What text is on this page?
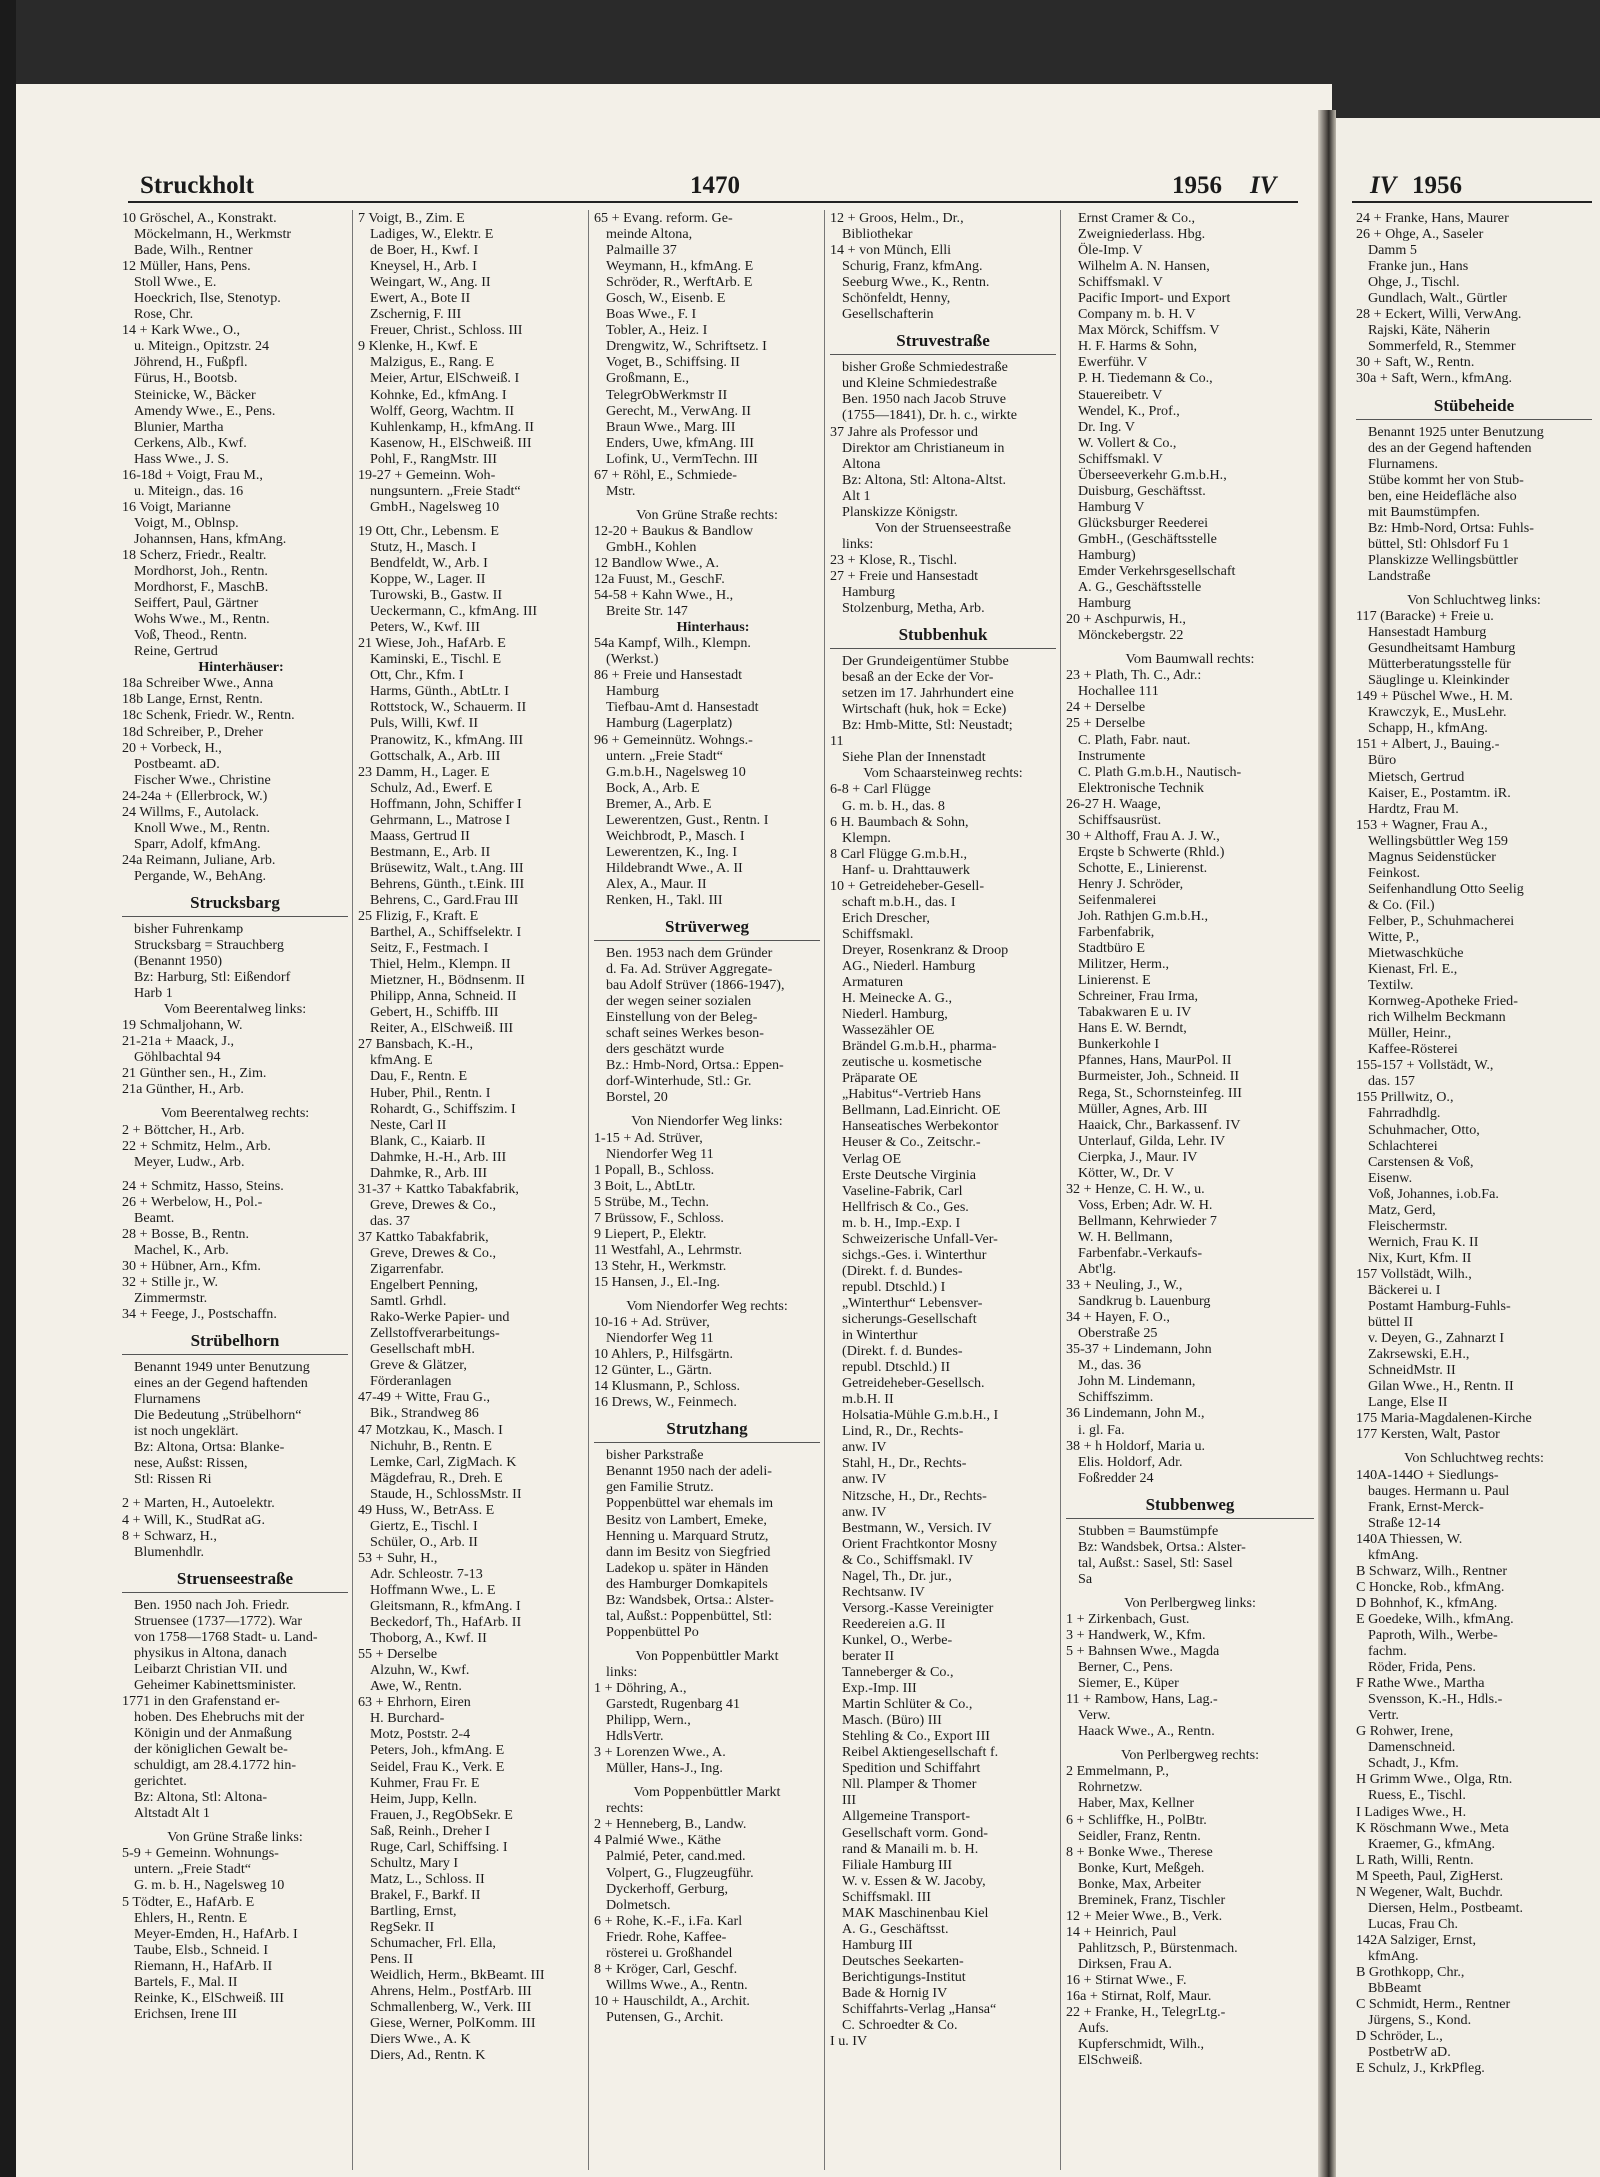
Struckholt	1470	1956 IV	IV 1956
10 Gröschel, A., Konstrakt.
Möckelmann, H., Werkmstr
Bade, Wilh., Rentner
12 Müller, Hans, Pens.
Stoll Wwe., E.
Hoeckrich, Ilse, Stenotyp.
Rose, Chr.
14 + Kark Wwe., O.,
u. Miteign., Opitzstr. 24
Jöhrend, H., Fußpfl.
Fürus, H., Bootsb.
Steinicke, W., Bäcker
Amendy Wwe., E., Pens.
Blunier, Martha
Cerkens, Alb., Kwf.
Hass Wwe., J. S.
16-18d + Voigt, Frau M.,
u. Miteign., das. 16
16 Voigt, Marianne
Voigt, M., Oblnsp.
Johannsen, Hans, kfmAng.
18 Scherz, Friedr., Realtr.
Mordhorst, Joh., Rentn.
Mordhorst, F., MaschB.
Seiffert, Paul, Gärtner
Wohs Wwe., M., Rentn.
Voß, Theod., Rentn.
Reine, Gertrud
Hinterhäuser:
18a Schreiber Wwe., Anna
18b Lange, Ernst, Rentn.
18c Schenk, Friedr. W., Rentn.
18d Schreiber, P., Dreher
20 + Vorbeck, H.,
Postbeamt. aD.
Fischer Wwe., Christine
24-24a + (Ellerbrock, W.)
24 Willms, F., Autolack.
Knoll Wwe., M., Rentn.
Sparr, Adolf, kfmAng.
24a Reimann, Juliane, Arb.
Pergande, W., BehAng.
Strucksbarg
bisher Fuhrenkamp
Strucksbarg = Strauchberg
(Benannt 1950)
Bz: Harburg, Stl: Eißendorf
Harb 1
Vom Beerentalweg links:
19 Schmaljohann, W.
21-21a + Maack, J.,
Göhlbachtal 94
21 Günther sen., H., Zim.
21a Günther, H., Arb.
Vom Beerentalweg rechts:
2 + Böttcher, H., Arb.
22 + Schmitz, Helm., Arb.
Meyer, Ludw., Arb.
24 + Schmitz, Hasso, Steins.
26 + Werbelow, H., Pol.-
Beamt.
28 + Bosse, B., Rentn.
Machel, K., Arb.
30 + Hübner, Arn., Kfm.
32 + Stille jr., W.
Zimmermstr.
34 + Feege, J., Postschaffn.
Strübelhorn
Benannt 1949 unter Benutzung
eines an der Gegend haftenden
Flurnamens
Die Bedeutung „Strübelhorn“
ist noch ungeklärt.
Bz: Altona, Ortsa: Blanke-
nese, Außst: Rissen,
Stl: Rissen Ri
2 + Marten, H., Autoelektr.
4 + Will, K., StudRat aG.
8 + Schwarz, H.,
Blumenhdlr.
Struenseestraße
Ben. 1950 nach Joh. Friedr.
Struensee (1737—1772). War
von 1758—1768 Stadt- u. Land-
physikus in Altona, danach
Leibarzt Christian VII. und
Geheimer Kabinettsminister.
1771 in den Grafenstand er-
hoben. Des Ehebruchs mit der
Königin und der Anmaßung
der königlichen Gewalt be-
schuldigt, am 28.4.1772 hin-
gerichtet.
Bz: Altona, Stl: Altona-
Altstadt Alt 1
Von Grüne Straße links:
5-9 + Gemeinn. Wohnungs-
untern. „Freie Stadt“
G. m. b. H., Nagelsweg 10
5 Tödter, E., HafArb. E
Ehlers, H., Rentn. E
Meyer-Emden, H., HafArb. I
Taube, Elsb., Schneid. I
Riemann, H., HafArb. II
Bartels, F., Mal. II
Reinke, K., ElSchweiß. III
Erichsen, Irene III
7 Voigt, B., Zim. E
Ladiges, W., Elektr. E
de Boer, H., Kwf. I
Kneysel, H., Arb. I
Weingart, W., Ang. II
Ewert, A., Bote II
Zschernig, F. III
Freuer, Christ., Schloss. III
9 Klenke, H., Kwf. E
Malzigus, E., Rang. E
Meier, Artur, ElSchweiß. I
Kohnke, Ed., kfmAng. I
Wolff, Georg, Wachtm. II
Kuhlenkamp, H., kfmAng. II
Kasenow, H., ElSchweiß. III
Pohl, F., RangMstr. III
19-27 + Gemeinn. Woh-
nungsuntern. „Freie Stadt“
GmbH., Nagelsweg 10
19 Ott, Chr., Lebensm. E
Stutz, H., Masch. I
Bendfeldt, W., Arb. I
Koppe, W., Lager. II
Turowski, B., Gastw. II
Ueckermann, C., kfmAng. III
Peters, W., Kwf. III
21 Wiese, Joh., HafArb. E
Kaminski, E., Tischl. E
Ott, Chr., Kfm. I
Harms, Günth., AbtLtr. I
Rottstock, W., Schauerm. II
Puls, Willi, Kwf. II
Pranowitz, K., kfmAng. III
Gottschalk, A., Arb. III
23 Damm, H., Lager. E
Schulz, Ad., Ewerf. E
Hoffmann, John, Schiffer I
Gehrmann, L., Matrose I
Maass, Gertrud II
Bestmann, E., Arb. II
Brüsewitz, Walt., t.Ang. III
Behrens, Günth., t.Eink. III
Behrens, C., Gard.Frau III
25 Flizig, F., Kraft. E
Barthel, A., Schiffselektr. I
Seitz, F., Festmach. I
Thiel, Helm., Klempn. II
Mietzner, H., Bödnsenm. II
Philipp, Anna, Schneid. II
Gebert, H., Schiffb. III
Reiter, A., ElSchweiß. III
27 Bansbach, K.-H.,
kfmAng. E
Dau, F., Rentn. E
Huber, Phil., Rentn. I
Rohardt, G., Schiffszim. I
Neste, Carl II
Blank, C., Kaiarb. II
Dahmke, H.-H., Arb. III
Dahmke, R., Arb. III
31-37 + Kattko Tabakfabrik,
Greve, Drewes & Co.,
das. 37
37 Kattko Tabakfabrik,
Greve, Drewes & Co.,
Zigarrenfabr.
Engelbert Penning,
Samtl. Grhdl.
Rako-Werke Papier- und
Zellstoffverarbeitungs-
Gesellschaft mbH.
Greve & Glätzer,
Förderanlagen
47-49 + Witte, Frau G.,
Bik., Strandweg 86
47 Motzkau, K., Masch. I
Nichuhr, B., Rentn. E
Lemke, Carl, ZigMach. K
Mägdefrau, R., Dreh. E
Staude, H., SchlossMstr. II
49 Huss, W., BetrAss. E
Giertz, E., Tischl. I
Schüler, O., Arb. II
53 + Suhr, H.,
Adr. Schleostr. 7-13
Hoffmann Wwe., L. E
Gleitsmann, R., kfmAng. I
Beckedorf, Th., HafArb. II
Thoborg, A., Kwf. II
55 + Derselbe
Alzuhn, W., Kwf.
Awe, W., Rentn.
63 + Ehrhorn, Eiren
H. Burchard-
Motz, Poststr. 2-4
Peters, Joh., kfmAng. E
Seidel, Frau K., Verk. E
Kuhmer, Frau Fr. E
Heim, Jupp, Kelln.
Frauen, J., RegObSekr. E
Saß, Reinh., Dreher I
Ruge, Carl, Schiffsing. I
Schultz, Mary I
Matz, L., Schloss. II
Brakel, F., Barkf. II
Bartling, Ernst,
RegSekr. II
Schumacher, Frl. Ella,
Pens. II
Weidlich, Herm., BkBeamt. III
Ahrens, Helm., PostfArb. III
Schmallenberg, W., Verk. III
Giese, Werner, PolKomm. III
Diers Wwe., A. K
Diers, Ad., Rentn. K
65 + Evang. reform. Ge-
meinde Altona,
Palmaille 37
Weymann, H., kfmAng. E
Schröder, R., WerftArb. E
Gosch, W., Eisenb. E
Boas Wwe., F. I
Tobler, A., Heiz. I
Drengwitz, W., Schriftsetz. I
Voget, B., Schiffsing. II
Großmann, E.,
TelegrObWerkmstr II
Gerecht, M., VerwAng. II
Braun Wwe., Marg. III
Enders, Uwe, kfmAng. III
Lofink, U., VermTechn. III
67 + Röhl, E., Schmiede-
Mstr.
Von Grüne Straße rechts:
12-20 + Baukus & Bandlow
GmbH., Kohlen
12 Bandlow Wwe., A.
12a Fuust, M., GeschF.
54-58 + Kahn Wwe., H.,
Breite Str. 147
Hinterhaus:
54a Kampf, Wilh., Klempn.
(Werkst.)
86 + Freie und Hansestadt
Hamburg
Tiefbau-Amt d. Hansestadt
Hamburg (Lagerplatz)
96 + Gemeinnütz. Wohngs.-
untern. „Freie Stadt“
G.m.b.H., Nagelsweg 10
Bock, A., Arb. E
Bremer, A., Arb. E
Lewerentzen, Gust., Rentn. I
Weichbrodt, P., Masch. I
Lewerentzen, K., Ing. I
Hildebrandt Wwe., A. II
Alex, A., Maur. II
Renken, H., Takl. III
Strüverweg
Ben. 1953 nach dem Gründer
d. Fa. Ad. Strüver Aggregate-
bau Adolf Strüver (1866-1947),
der wegen seiner sozialen
Einstellung von der Beleg-
schaft seines Werkes beson-
ders geschätzt wurde
Bz.: Hmb-Nord, Ortsa.: Eppen-
dorf-Winterhude, Stl.: Gr.
Borstel, 20
Von Niendorfer Weg links:
1-15 + Ad. Strüver,
Niendorfer Weg 11
1 Popall, B., Schloss.
3 Boit, L., AbtLtr.
5 Strübe, M., Techn.
7 Brüssow, F., Schloss.
9 Liepert, P., Elektr.
11 Westfahl, A., Lehrmstr.
13 Stehr, H., Werkmstr.
15 Hansen, J., El.-Ing.
Vom Niendorfer Weg rechts:
10-16 + Ad. Strüver,
Niendorfer Weg 11
10 Ahlers, P., Hilfsgärtn.
12 Günter, L., Gärtn.
14 Klusmann, P., Schloss.
16 Drews, W., Feinmech.
Strutzhang
bisher Parkstraße
Benannt 1950 nach der adeli-
gen Familie Strutz.
Poppenbüttel war ehemals im
Besitz von Lambert, Emeke,
Henning u. Marquard Strutz,
dann im Besitz von Siegfried
Ladekop u. später in Händen
des Hamburger Domkapitels
Bz: Wandsbek, Ortsa.: Alster-
tal, Außst.: Poppenbüttel, Stl:
Poppenbüttel Po
Von Poppenbüttler Markt
links:
1 + Döhring, A.,
Garstedt, Rugenbarg 41
Philipp, Wern.,
HdlsVertr.
3 + Lorenzen Wwe., A.
Müller, Hans-J., Ing.
Vom Poppenbüttler Markt
rechts:
2 + Henneberg, B., Landw.
4 Palmié Wwe., Käthe
Palmié, Peter, cand.med.
Volpert, G., Flugzeugführ.
Dyckerhoff, Gerburg,
Dolmetsch.
6 + Rohe, K.-F., i.Fa. Karl
Friedr. Rohe, Kaffee-
rösterei u. Großhandel
8 + Kröger, Carl, Geschf.
Willms Wwe., A., Rentn.
10 + Hauschildt, A., Archit.
Putensen, G., Archit.
12 + Groos, Helm., Dr.,
Bibliothekar
14 + von Münch, Elli
Schurig, Franz, kfmAng.
Seeburg Wwe., K., Rentn.
Schönfeldt, Henny,
Gesellschafterin
Struvestraße
bisher Große Schmiedestraße
und Kleine Schmiedestraße
Ben. 1950 nach Jacob Struve
(1755—1841), Dr. h. c., wirkte
37 Jahre als Professor und
Direktor am Christianeum in
Altona
Bz: Altona, Stl: Altona-Altst.
Alt 1
Planskizze Königstr.
Von der Struenseestraße
links:
23 + Klose, R., Tischl.
27 + Freie und Hansestadt
Hamburg
Stolzenburg, Metha, Arb.
Stubbenhuk
Der Grundeigentümer Stubbe
besaß an der Ecke der Vor-
setzen im 17. Jahrhundert eine
Wirtschaft (huk, hok = Ecke)
Bz: Hmb-Mitte, Stl: Neustadt;
11
Siehe Plan der Innenstadt
Vom Schaarsteinweg rechts:
6-8 + Carl Flügge
G. m. b. H., das. 8
6 H. Baumbach & Sohn,
Klempn.
8 Carl Flügge G.m.b.H.,
Hanf- u. Drahttauwerk
10 + Getreideheber-Gesell-
schaft m.b.H., das. I
Erich Drescher,
Schiffsmakl.
Dreyer, Rosenkranz & Droop
AG., Niederl. Hamburg
Armaturen
H. Meinecke A. G.,
Niederl. Hamburg,
Wassezähler OE
Brändel G.m.b.H., pharma-
zeutische u. kosmetische
Präparate OE
„Habitus“-Vertrieb Hans
Bellmann, Lad.Einricht. OE
Hanseatisches Werbekontor
Heuser & Co., Zeitschr.-
Verlag OE
Erste Deutsche Virginia
Vaseline-Fabrik, Carl
Hellfrisch & Co., Ges.
m. b. H., Imp.-Exp. I
Schweizerische Unfall-Ver-
sichgs.-Ges. i. Winterthur
(Direkt. f. d. Bundes-
republ. Dtschld.) I
„Winterthur“ Lebensver-
sicherungs-Gesellschaft
in Winterthur
(Direkt. f. d. Bundes-
republ. Dtschld.) II
Getreideheber-Gesellsch.
m.b.H. II
Holsatia-Mühle G.m.b.H., I
Lind, R., Dr., Rechts-
anw. IV
Stahl, H., Dr., Rechts-
anw. IV
Nitzsche, H., Dr., Rechts-
anw. IV
Bestmann, W., Versich. IV
Orient Frachtkontor Mosny
& Co., Schiffsmakl. IV
Nagel, Th., Dr. jur.,
Rechtsanw. IV
Versorg.-Kasse Vereinigter
Reedereien a.G. II
Kunkel, O., Werbe-
berater II
Tanneberger & Co.,
Exp.-Imp. III
Martin Schlüter & Co.,
Masch. (Büro) III
Stehling & Co., Export III
Reibel Aktiengesellschaft f.
Spedition und Schiffahrt
Nll. Plamper & Thomer
III
Allgemeine Transport-
Gesellschaft vorm. Gond-
rand & Manaili m. b. H.
Filiale Hamburg III
W. v. Essen & W. Jacoby,
Schiffsmakl. III
MAK Maschinenbau Kiel
A. G., Geschäftsst.
Hamburg III
Deutsches Seekarten-
Berichtigungs-Institut
Bade & Hornig IV
Schiffahrts-Verlag „Hansa“
C. Schroedter & Co.
I u. IV
Ernst Cramer & Co.,
Zweigniederlass. Hbg.
Öle-Imp. V
Wilhelm A. N. Hansen,
Schiffsmakl. V
Pacific Import- und Export
Company m. b. H. V
Max Mörck, Schiffsm. V
H. F. Harms & Sohn,
Ewerführ. V
P. H. Tiedemann & Co.,
Stauereibetr. V
Wendel, K., Prof.,
Dr. Ing. V
W. Vollert & Co.,
Schiffsmakl. V
Überseeverkehr G.m.b.H.,
Duisburg, Geschäftsst.
Hamburg V
Glücksburger Reederei
GmbH., (Geschäftsstelle
Hamburg)
Emder Verkehrsgesellschaft
A. G., Geschäftsstelle
Hamburg
20 + Aschpurwis, H.,
Mönckebergstr. 22
Vom Baumwall rechts:
23 + Plath, Th. C., Adr.:
Hochallee 111
24 + Derselbe
25 + Derselbe
C. Plath, Fabr. naut.
Instrumente
C. Plath G.m.b.H., Nautisch-
Elektronische Technik
26-27 H. Waage,
Schiffsausrüst.
30 + Althoff, Frau A. J. W.,
Erqste b Schwerte (Rhld.)
Schotte, E., Linierenst.
Henry J. Schröder,
Seifenmalerei
Joh. Rathjen G.m.b.H.,
Farbenfabrik,
Stadtbüro E
Militzer, Herm.,
Linierenst. E
Schreiner, Frau Irma,
Tabakwaren E u. IV
Hans E. W. Berndt,
Bunkerkohle I
Pfannes, Hans, MaurPol. II
Burmeister, Joh., Schneid. II
Rega, St., Schornsteinfeg. III
Müller, Agnes, Arb. III
Haaick, Chr., Barkassenf. IV
Unterlauf, Gilda, Lehr. IV
Cierpka, J., Maur. IV
Kötter, W., Dr. V
32 + Henze, C. H. W., u.
Voss, Erben; Adr. W. H.
Bellmann, Kehrwieder 7
W. H. Bellmann,
Farbenfabr.-Verkaufs-
Abt'lg.
33 + Neuling, J., W.,
Sandkrug b. Lauenburg
34 + Hayen, F. O.,
Oberstraße 25
35-37 + Lindemann, John
M., das. 36
John M. Lindemann,
Schiffszimm.
36 Lindemann, John M.,
i. gl. Fa.
38 + h Holdorf, Maria u.
Elis. Holdorf, Adr.
Foßredder 24
Stubbenweg
Stubben = Baumstümpfe
Bz: Wandsbek, Ortsa.: Alster-
tal, Außst.: Sasel, Stl: Sasel
Sa
Von Perlbergweg links:
1 + Zirkenbach, Gust.
3 + Handwerk, W., Kfm.
5 + Bahnsen Wwe., Magda
Berner, C., Pens.
Siemer, E., Küper
11 + Rambow, Hans, Lag.-
Verw.
Haack Wwe., A., Rentn.
Von Perlbergweg rechts:
2 Emmelmann, P.,
Rohrnetzw.
Haber, Max, Kellner
6 + Schliffke, H., PolBtr.
Seidler, Franz, Rentn.
8 + Bonke Wwe., Therese
Bonke, Kurt, Meßgeh.
Bonke, Max, Arbeiter
Breminek, Franz, Tischler
12 + Meier Wwe., B., Verk.
14 + Heinrich, Paul
Pahlitzsch, P., Bürstenmach.
Dirksen, Frau A.
16 + Stirnat Wwe., F.
16a + Stirnat, Rolf, Maur.
22 + Franke, H., TelegrLtg.-
Aufs.
Kupferschmidt, Wilh.,
ElSchweiß.
24 + Franke, Hans, Maurer
26 + Ohge, A., Saseler
Damm 5
Franke jun., Hans
Ohge, J., Tischl.
Gundlach, Walt., Gürtler
28 + Eckert, Willi, VerwAng.
Rajski, Käte, Näherin
Sommerfeld, R., Stemmer
30 + Saft, W., Rentn.
30a + Saft, Wern., kfmAng.
Stübeheide
Benannt 1925 unter Benutzung
des an der Gegend haftenden
Flurnamens.
Stübe kommt her von Stub-
ben, eine Heidefläche also
mit Baumstümpfen.
Bz: Hmb-Nord, Ortsa: Fuhls-
büttel, Stl: Ohlsdorf Fu 1
Planskizze Wellingsbüttler
Landstraße
Von Schluchtweg links:
117 (Baracke) + Freie u.
Hansestadt Hamburg
Gesundheitsamt Hamburg
Mütterberatungsstelle für
Säuglinge u. Kleinkinder
149 + Püschel Wwe., H. M.
Krawczyk, E., MusLehr.
Schapp, H., kfmAng.
151 + Albert, J., Bauing.-
Büro
Mietsch, Gertrud
Kaiser, E., Postamtm. iR.
Hardtz, Frau M.
153 + Wagner, Frau A.,
Wellingsbüttler Weg 159
Magnus Seidenstücker
Feinkost.
Seifenhandlung Otto Seelig
& Co. (Fil.)
Felber, P., Schuhmacherei
Witte, P.,
Mietwaschküche
Kienast, Frl. E.,
Textilw.
Kornweg-Apotheke Fried-
rich Wilhelm Beckmann
Müller, Heinr.,
Kaffee-Rösterei
155-157 + Vollstädt, W.,
das. 157
155 Prillwitz, O.,
Fahrradhdlg.
Schuhmacher, Otto,
Schlachterei
Carstensen & Voß,
Eisenw.
Voß, Johannes, i.ob.Fa.
Matz, Gerd,
Fleischermstr.
Wernich, Frau K. II
Nix, Kurt, Kfm. II
157 Vollstädt, Wilh.,
Bäckerei u. I
Postamt Hamburg-Fuhls-
büttel II
v. Deyen, G., Zahnarzt I
Zakrsewski, E.H.,
SchneidMstr. II
Gilan Wwe., H., Rentn. II
Lange, Else II
175 Maria-Magdalenen-Kirche
177 Kersten, Walt, Pastor
Von Schluchtweg rechts:
140A-144O + Siedlungs-
bauges. Hermann u. Paul
Frank, Ernst-Merck-
Straße 12-14
140A Thiessen, W.
kfmAng.
B Schwarz, Wilh., Rentner
C Honcke, Rob., kfmAng.
D Bohnhof, K., kfmAng.
E Goedeke, Wilh., kfmAng.
Paproth, Wilh., Werbe-
fachm.
Röder, Frida, Pens.
F Rathe Wwe., Martha
Svensson, K.-H., Hdls.-
Vertr.
G Rohwer, Irene,
Damenschneid.
Schadt, J., Kfm.
H Grimm Wwe., Olga, Rtn.
Ruess, E., Tischl.
I Ladiges Wwe., H.
K Röschmann Wwe., Meta
Kraemer, G., kfmAng.
L Rath, Willi, Rentn.
M Speeth, Paul, ZigHerst.
N Wegener, Walt, Buchdr.
Diersen, Helm., Postbeamt.
Lucas, Frau Ch.
142A Salziger, Ernst,
kfmAng.
B Grothkopp, Chr.,
BbBeamt
C Schmidt, Herm., Rentner
Jürgens, S., Kond.
D Schröder, L.,
PostbetrW aD.
E Schulz, J., KrkPfleg.
